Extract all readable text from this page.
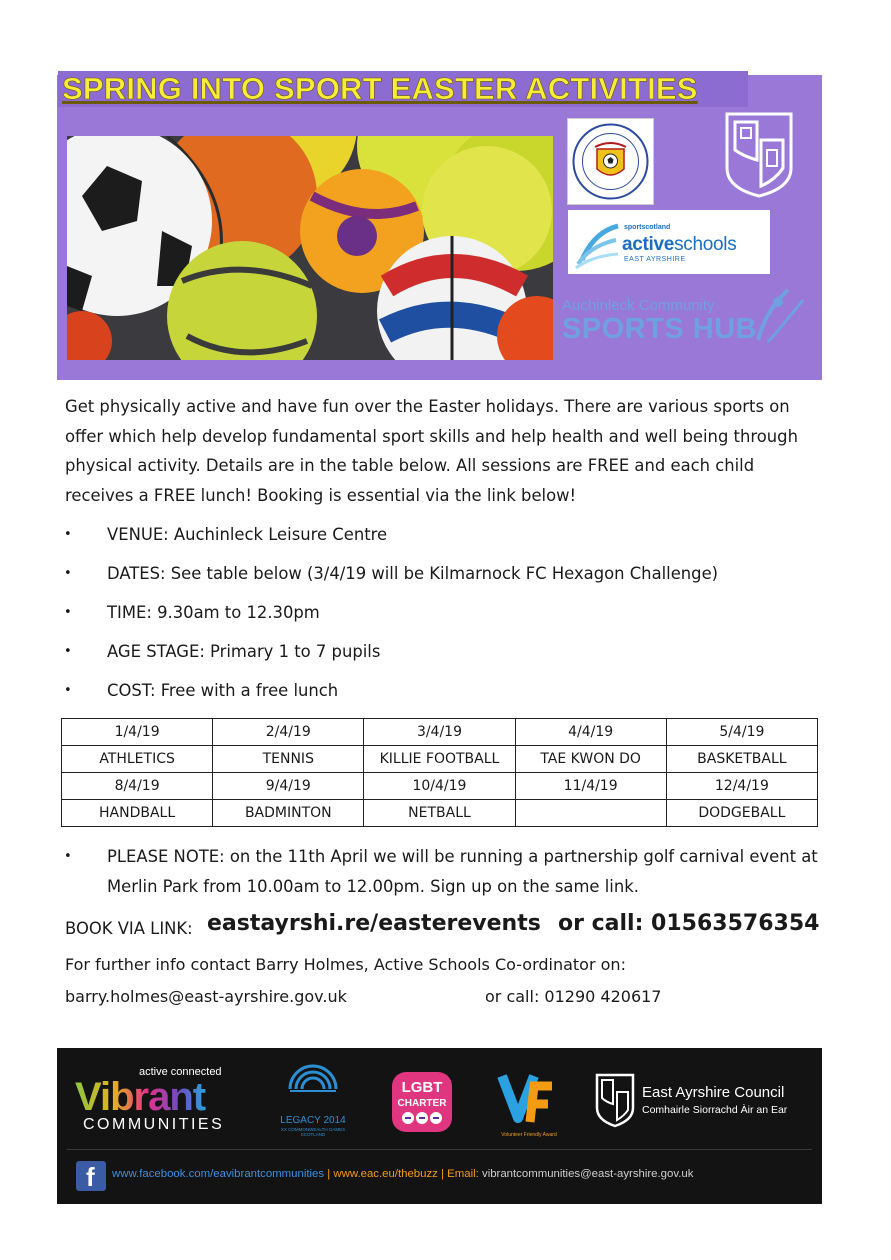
SPRING INTO SPORT EASTER ACTIVITIES
sportscotland
activeschools
EAST AYRSHIRE
Auchinleck Community
SPORTS HUB

Get physically active and have fun over the Easter holidays. There are various sports on offer which help develop fundamental sport skills and help health and well being through physical activity. Details are in the table below. All sessions are FREE and each child receives a FREE lunch! Booking is essential via the link below!

• VENUE: Auchinleck Leisure Centre
• DATES: See table below (3/4/19 will be Kilmarnock FC Hexagon Challenge)
• TIME: 9.30am to 12.30pm
• AGE STAGE: Primary 1 to 7 pupils
• COST: Free with a free lunch
1/4/19	2/4/19	3/4/19	4/4/19	5/4/19
ATHLETICS	TENNIS	KILLIE FOOTBALL	TAE KWON DO	BASKETBALL
8/4/19	9/4/19	10/4/19	11/4/19	12/4/19
HANDBALL	BADMINTON	NETBALL		DODGEBALL
• PLEASE NOTE: on the 11th April we will be running a partnership golf carnival event at Merlin Park from 10.00am to 12.00pm. Sign up on the same link.
BOOK VIA LINK: eastayrshi.re/easterevents or call: 01563576354
For further info contact Barry Holmes, Active Schools Co-ordinator on:
barry.holmes@east-ayrshire.gov.uk	or call: 01290 420617
active connected
Vibrant
COMMUNITIES	LEGACY 2014
XX COMMONWEALTH GAMES SCOTLAND
LGBT
CHARTER
Volunteer Friendly Award
East Ayrshire Council
Comhairle Siorrachd Àir an Ear
f www.facebook.com/eavibrantcommunities | www.eac.eu/thebuzz | Email: vibrantcommunities@east-ayrshire.gov.uk
